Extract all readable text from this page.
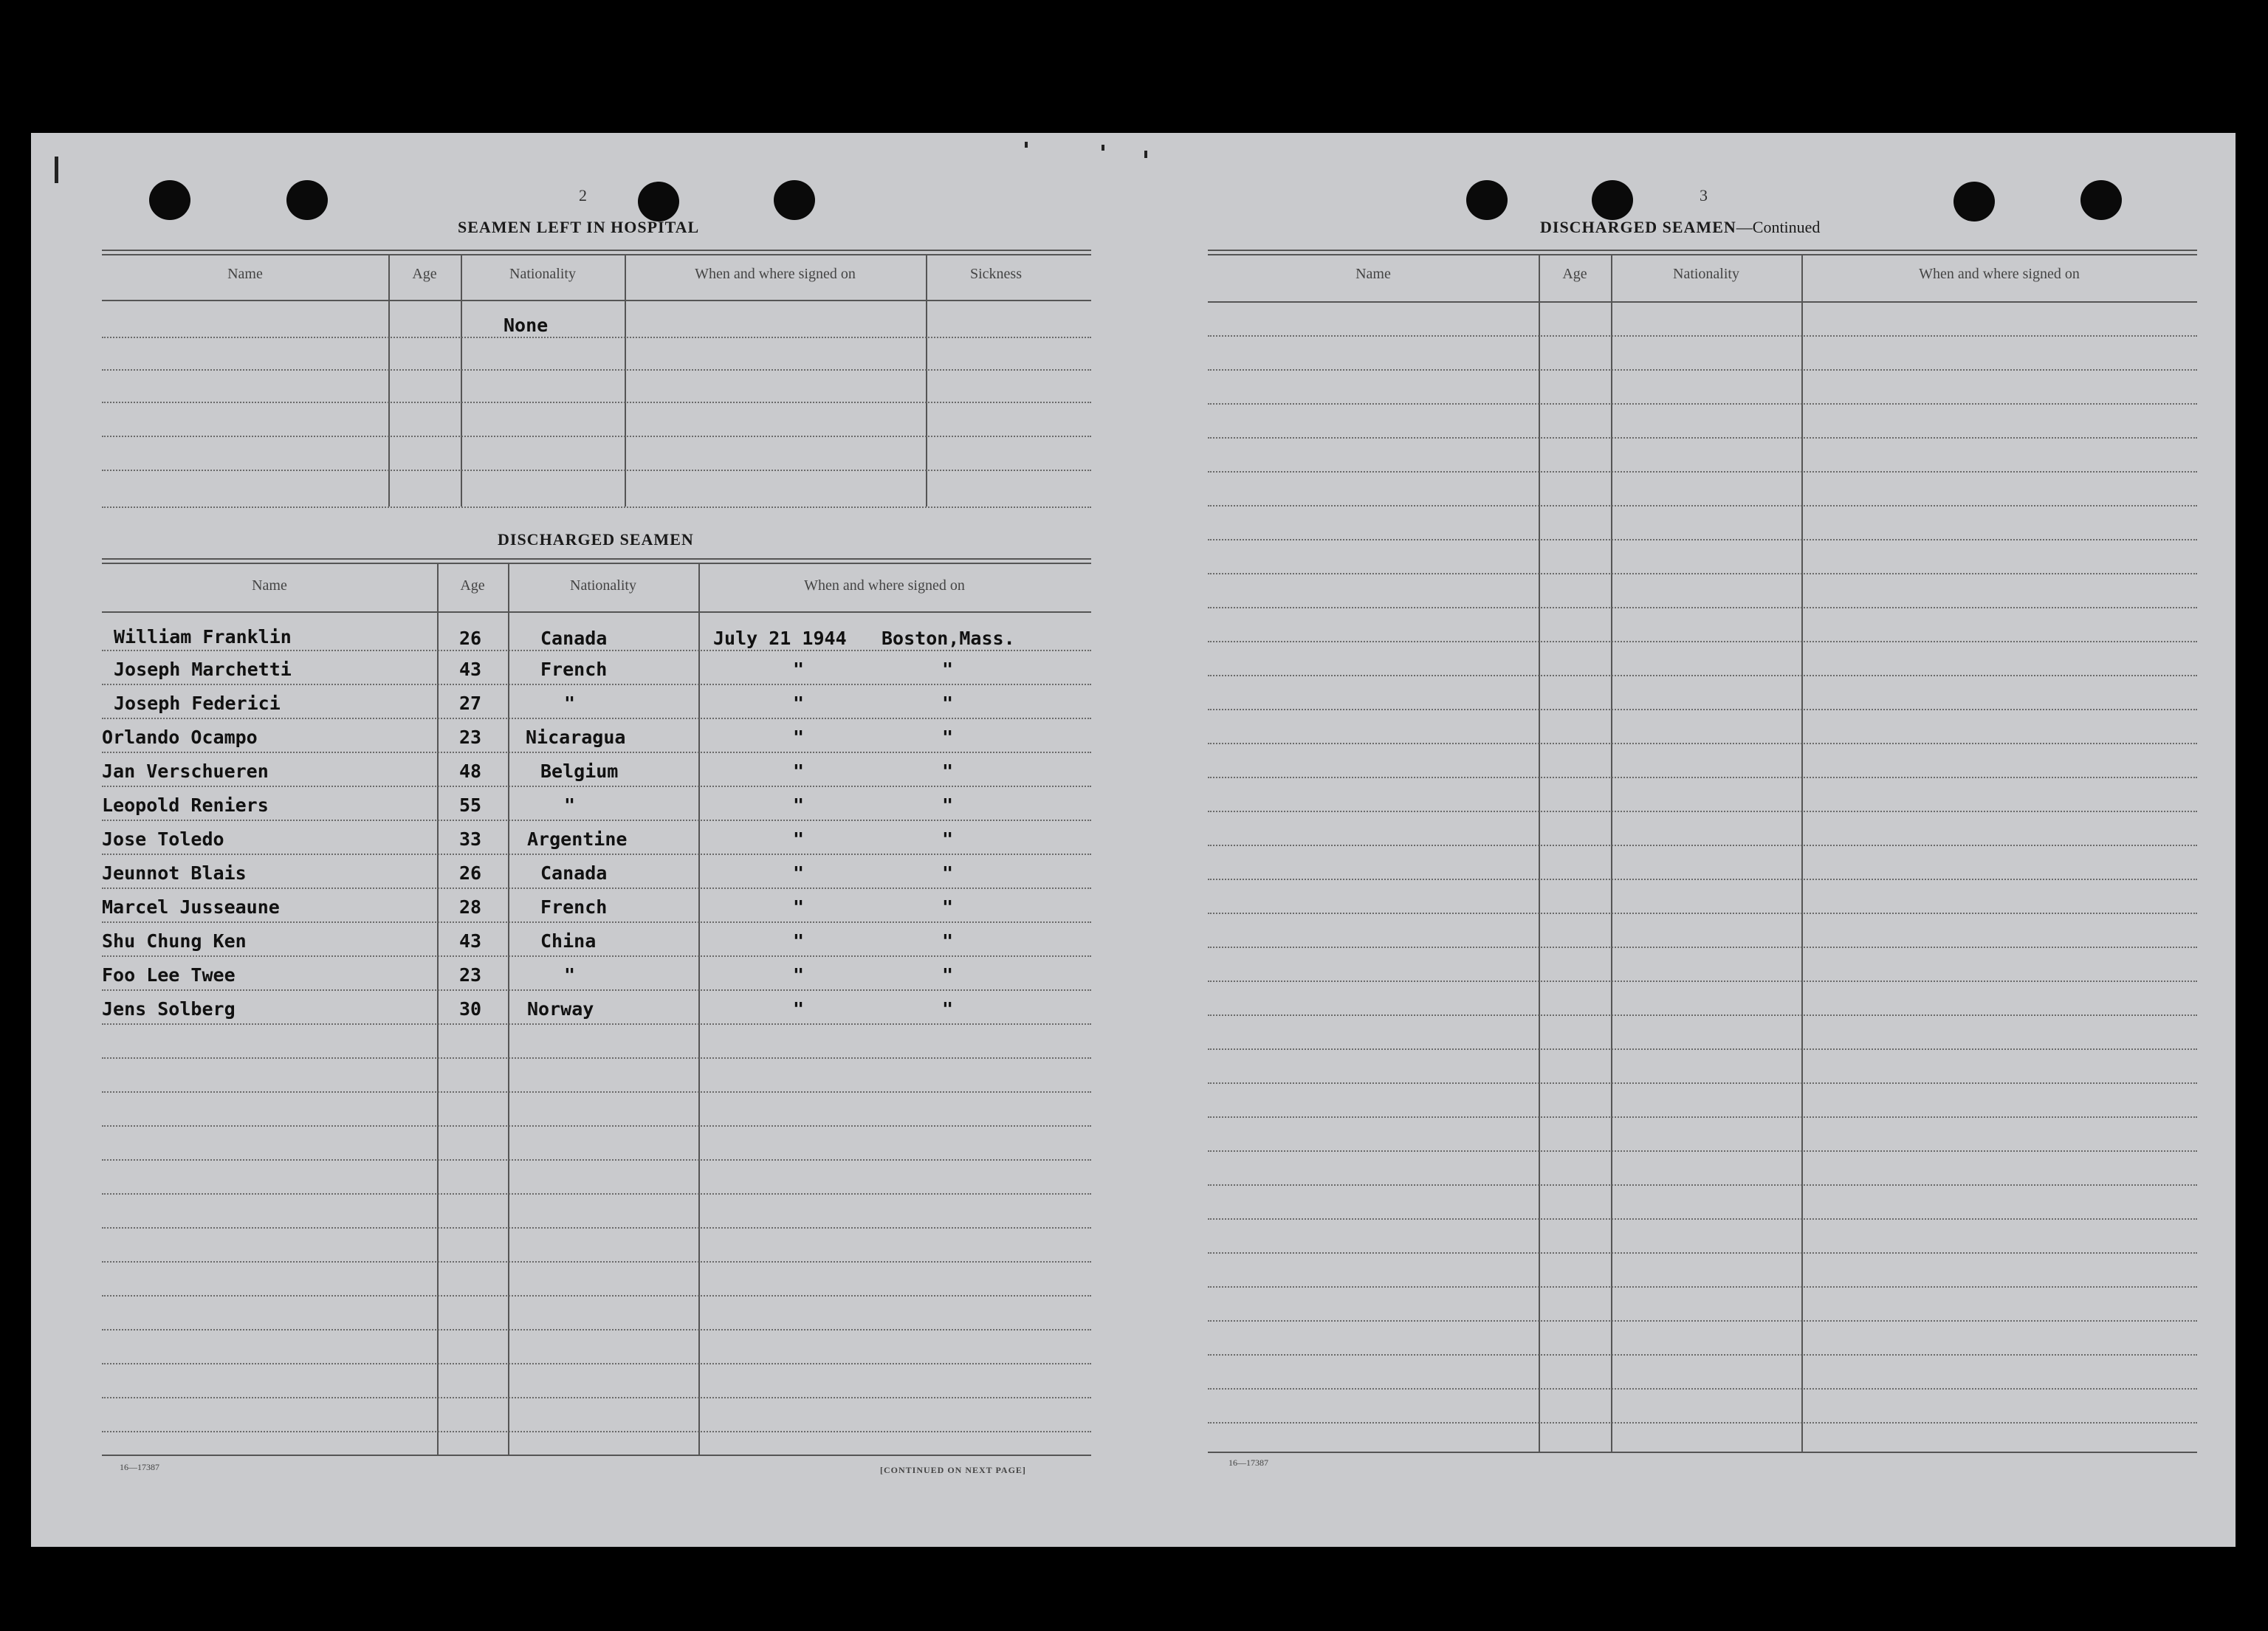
2
SEAMEN LEFT IN HOSPITAL
Name	Age	Nationality	When and where signed on	Sickness
None
DISCHARGED SEAMEN
Name	Age	Nationality	When and where signed on
William Franklin	26	Canada	July 21 1944 Boston,Mass.
Joseph Marchetti	43	French	"	"
Joseph Federici	27	"	"	"
Orlando Ocampo	23 Nicaragua	"	"
Jan Verschueren	48	Belgium	"	"
Leopold Reniers	55	"	"	"
Jose Toledo	33 Argentine	"	"
Jeunnot Blais	26	Canada	"	"
Marcel Jusseaune	28	French	"	"
Shu Chung Ken	43	China	"	"
Foo Lee Twee	23	"	"	"
Jens Solberg	30 Norway	"	"
16—17387	[CONTINUED ON NEXT PAGE]
3
DISCHARGED SEAMEN—Continued
Name	Age	Nationality	When and where signed on
16—17387
